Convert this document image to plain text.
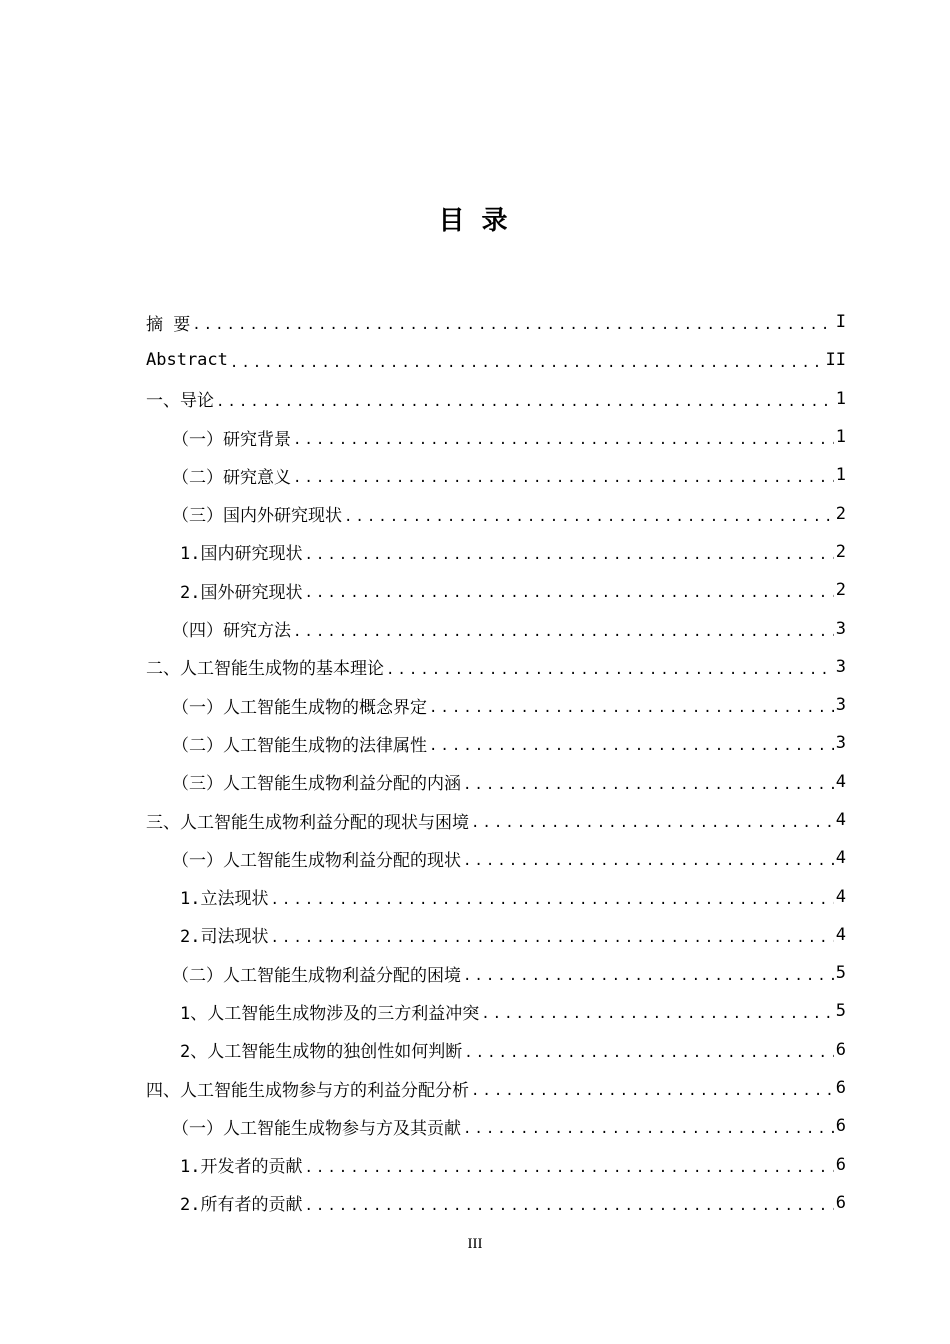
目 录
摘 要 .....	I
Abstract .....	II
一、导论 .....	1
（一）研究背景 .....	1
（二）研究意义 .....	1
（三）国内外研究现状 .....	2
1.国内研究现状 .....	2
2.国外研究现状 .....	2
（四）研究方法 .....	3
二、人工智能生成物的基本理论 .....	3
（一）人工智能生成物的概念界定 .....	3
（二）人工智能生成物的法律属性 .....	3
（三）人工智能生成物利益分配的内涵 .....	4
三、人工智能生成物利益分配的现状与困境 .....	4
（一）人工智能生成物利益分配的现状 .....	4
1.立法现状 .....	4
2.司法现状 .....	4
（二）人工智能生成物利益分配的困境 .....	5
1、人工智能生成物涉及的三方利益冲突 .....	5
2、人工智能生成物的独创性如何判断 .....	6
四、人工智能生成物参与方的利益分配分析 .....	6
（一）人工智能生成物参与方及其贡献 .....	6
1.开发者的贡献 .....	6
2.所有者的贡献 .....	6
III
